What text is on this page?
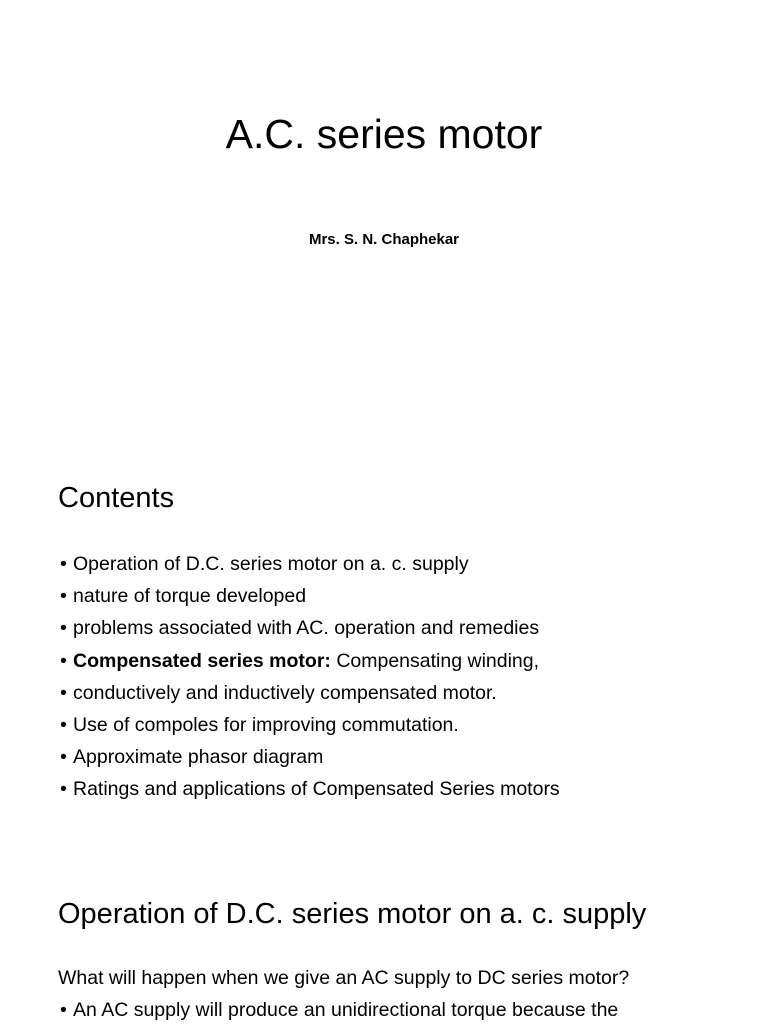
A.C. series motor
Mrs. S. N. Chaphekar
Contents
• Operation of D.C. series motor on a. c. supply
• nature of torque developed
• problems associated with AC. operation and remedies
• Compensated series motor: Compensating winding,
• conductively and inductively compensated motor.
• Use of compoles for improving commutation.
• Approximate phasor diagram
• Ratings and applications of Compensated Series motors
Operation of D.C. series motor on a. c. supply
What will happen when we give an AC supply to DC series motor?
• An AC supply will produce an unidirectional torque because the
